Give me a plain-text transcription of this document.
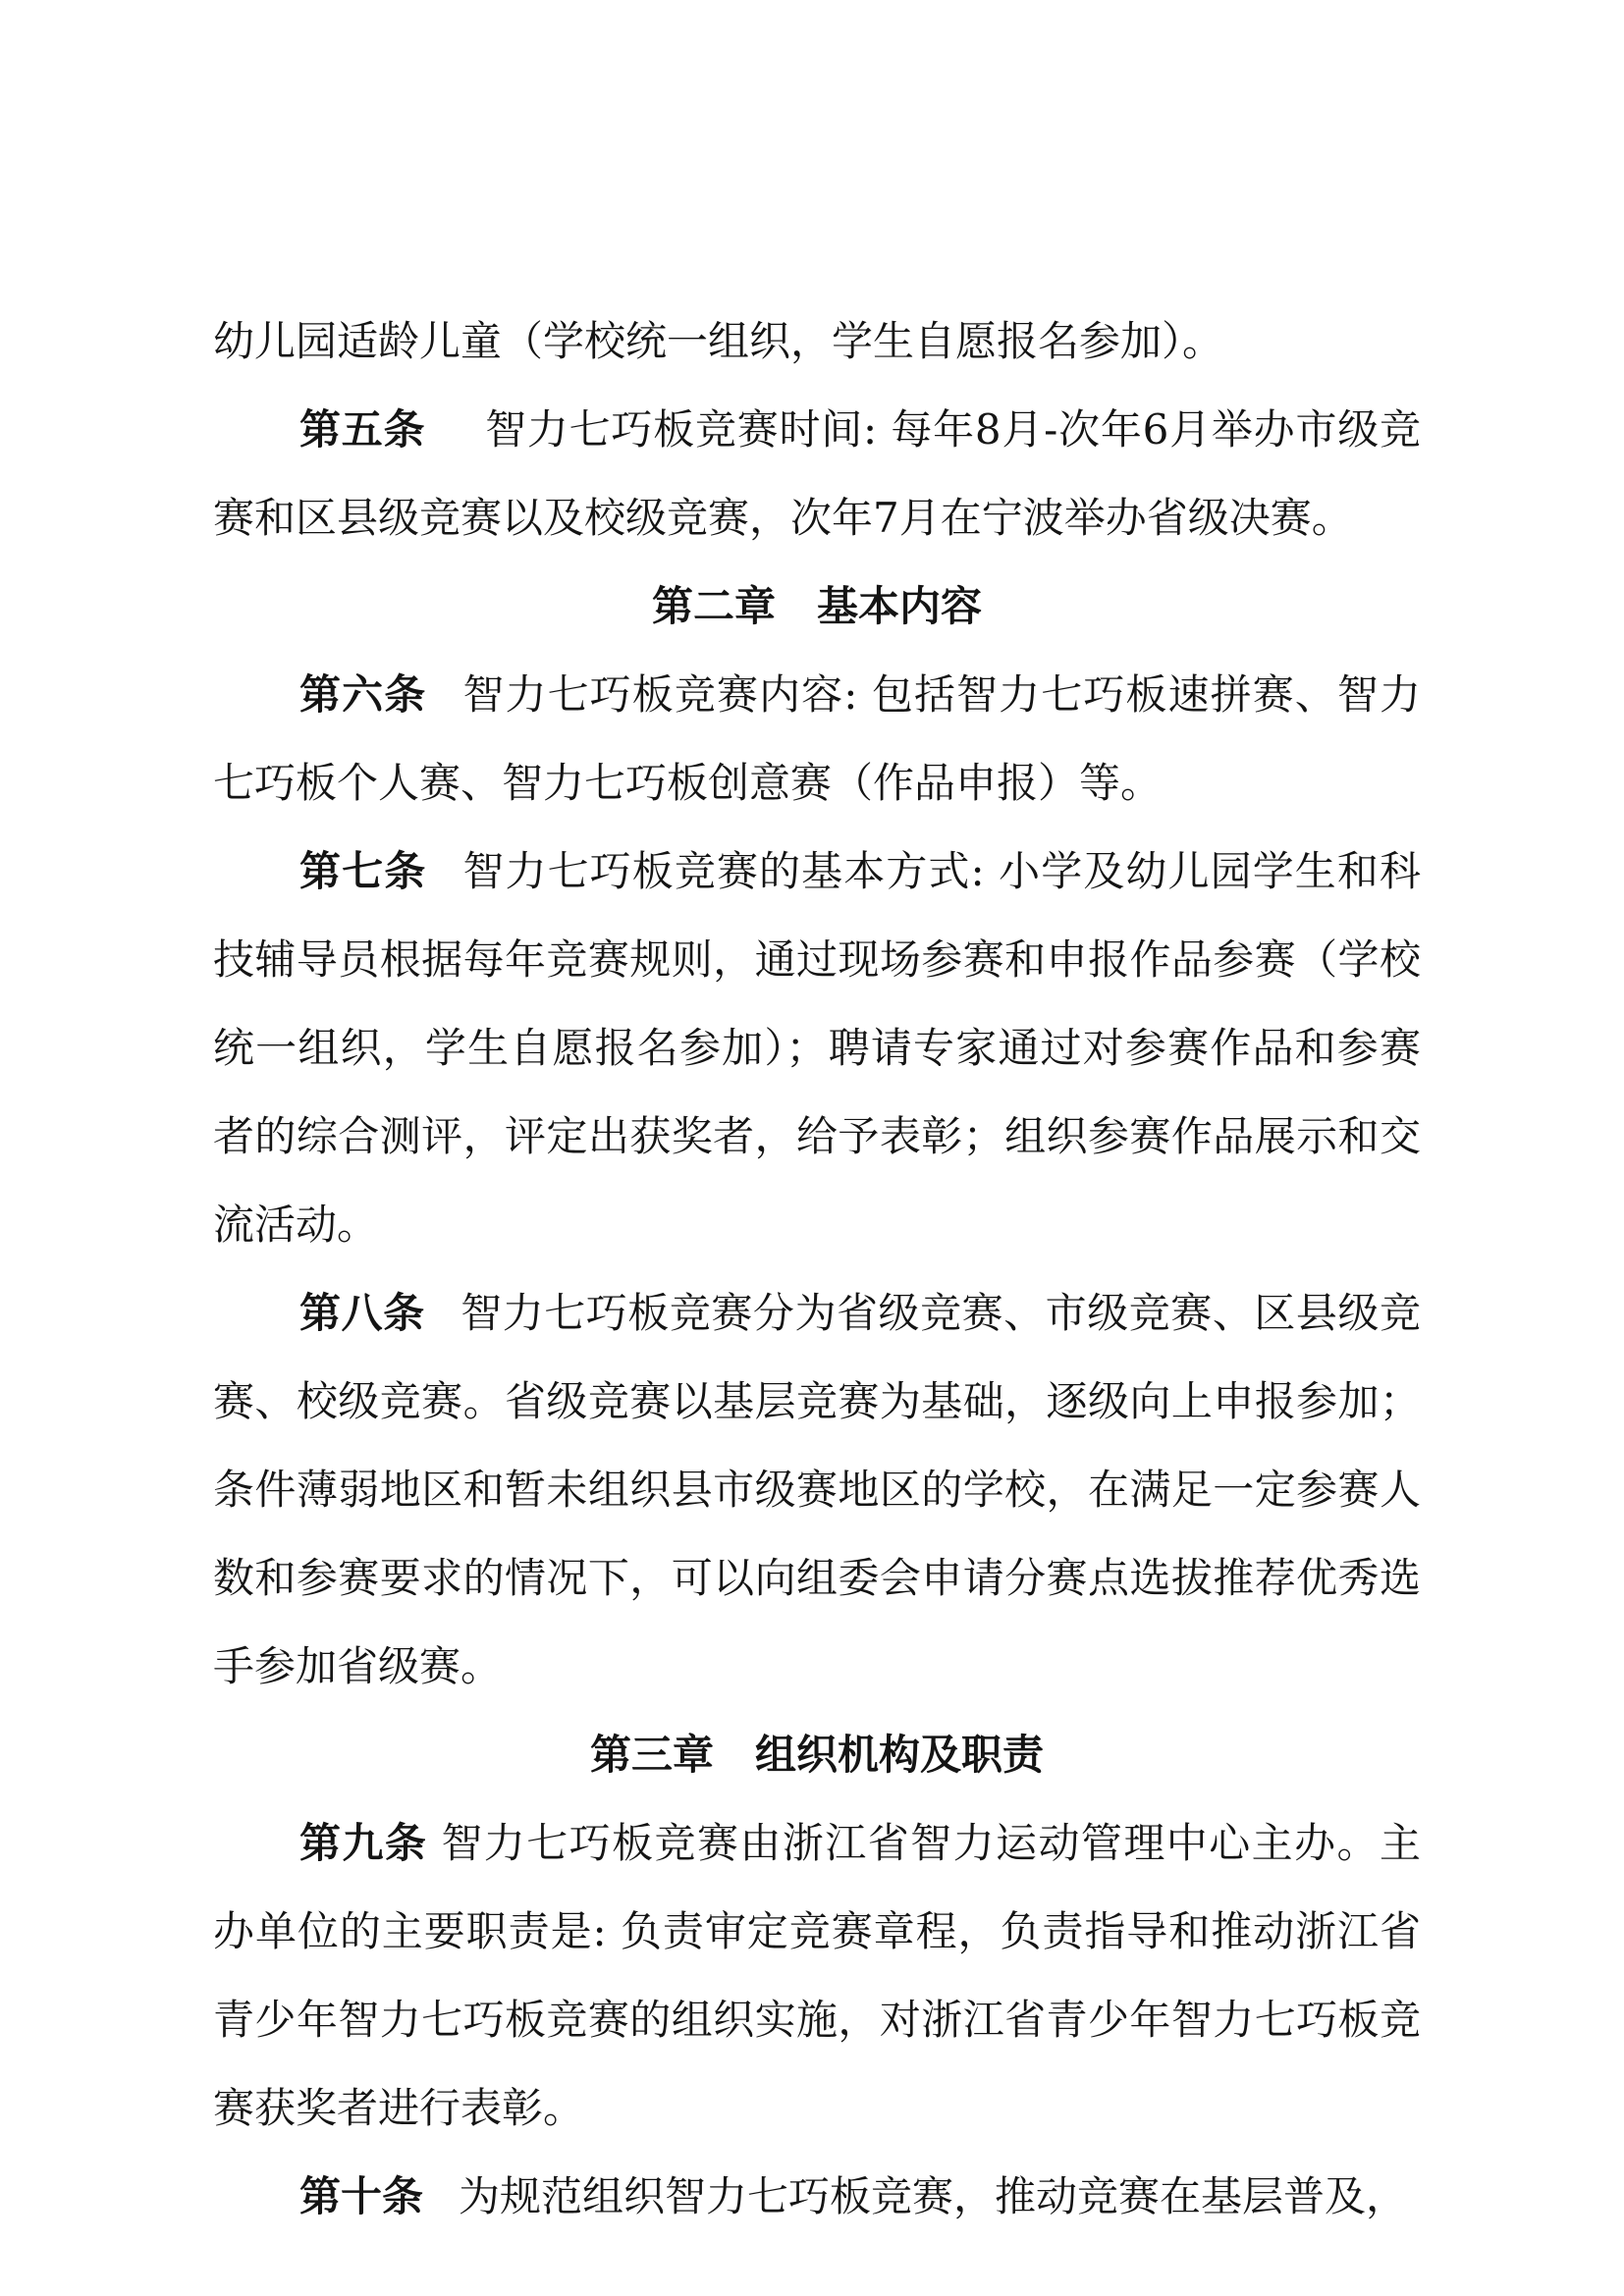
幼儿园适龄儿童（学校统一组织，学生自愿报名参加）。

第五条 智力七巧板竞赛时间: 每年8月-次年6月举办市级竞赛和区县级竞赛以及校级竞赛，次年7月在宁波举办省级决赛。

第二章 基本内容

第六条 智力七巧板竞赛内容: 包括智力七巧板速拼赛、智力七巧板个人赛、智力七巧板创意赛（作品申报）等。

第七条 智力七巧板竞赛的基本方式: 小学及幼儿园学生和科技辅导员根据每年竞赛规则，通过现场参赛和申报作品参赛（学校统一组织，学生自愿报名参加）；聘请专家通过对参赛作品和参赛者的综合测评，评定出获奖者，给予表彰；组织参赛作品展示和交流活动。

第八条 智力七巧板竞赛分为省级竞赛、市级竞赛、区县级竞赛、校级竞赛。省级竞赛以基层竞赛为基础，逐级向上申报参加；条件薄弱地区和暂未组织县市级赛地区的学校，在满足一定参赛人数和参赛要求的情况下，可以向组委会申请分赛点选拔推荐优秀选手参加省级赛。

第三章 组织机构及职责

第九条 智力七巧板竞赛由浙江省智力运动管理中心主办。主办单位的主要职责是: 负责审定竞赛章程，负责指导和推动浙江省青少年智力七巧板竞赛的组织实施，对浙江省青少年智力七巧板竞赛获奖者进行表彰。

第十条 为规范组织智力七巧板竞赛，推动竞赛在基层普及，
